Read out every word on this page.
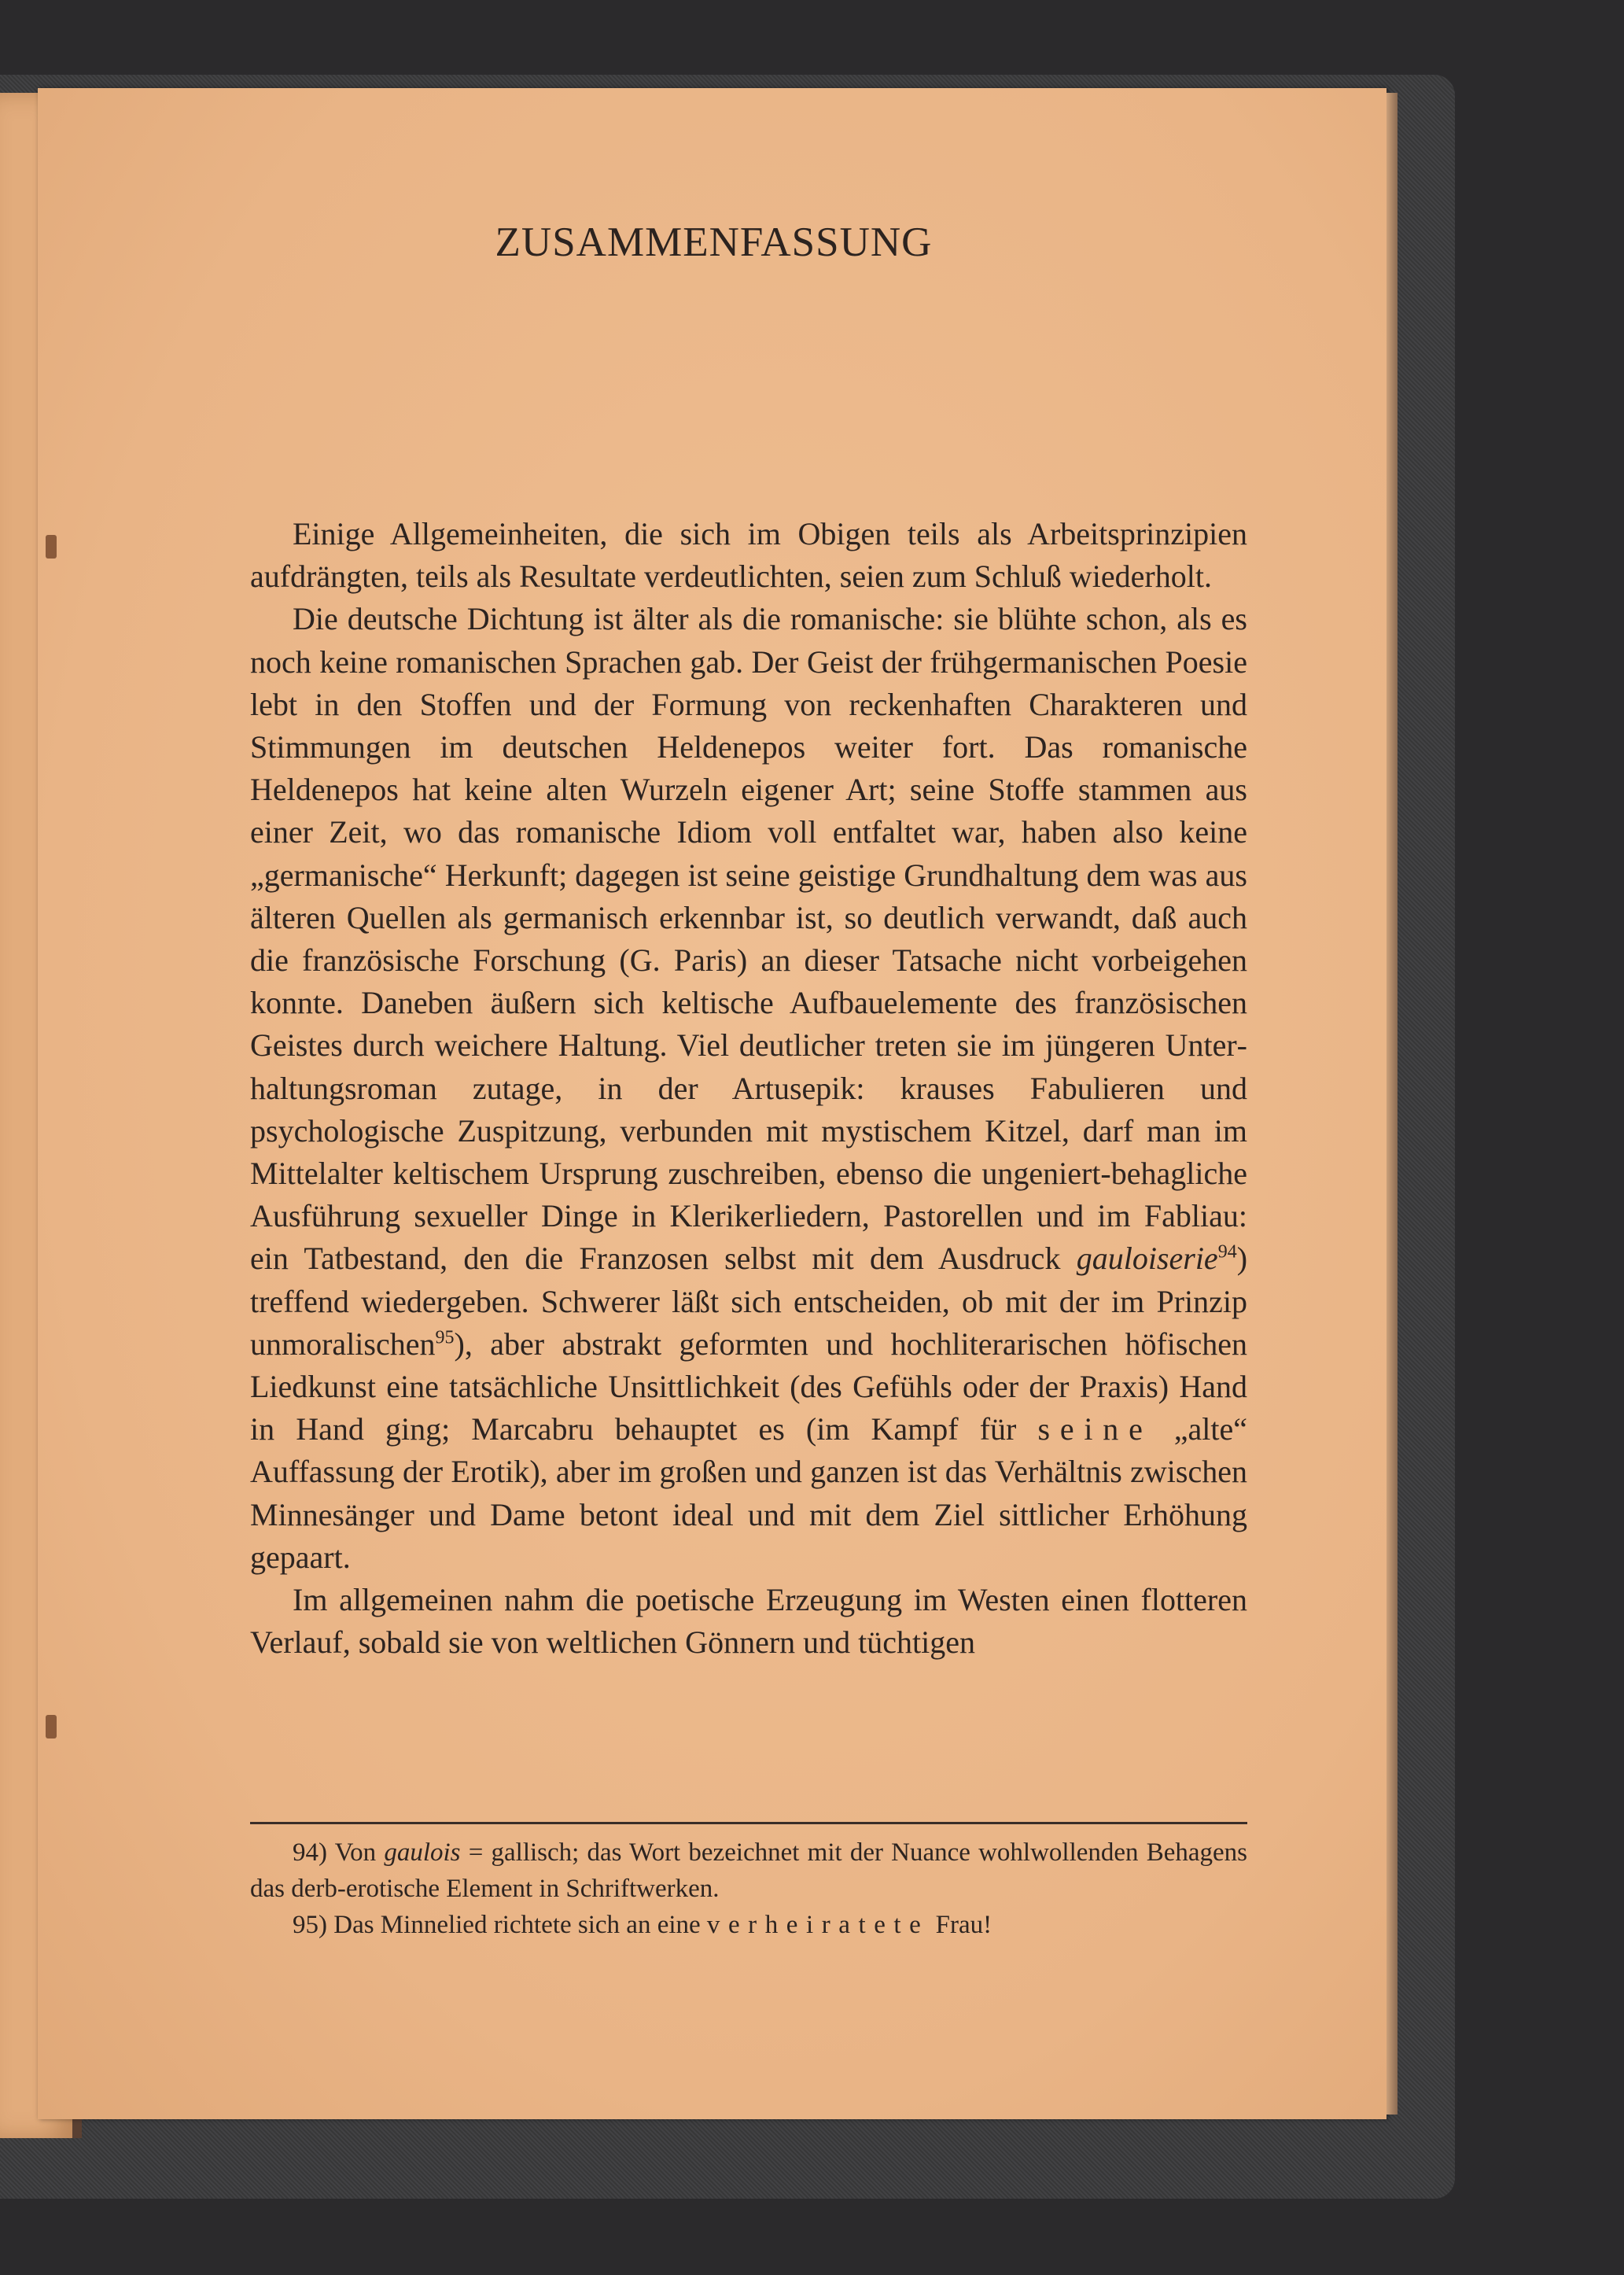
ZUSAMMENFASSUNG

Einige Allgemeinheiten, die sich im Obigen teils als Arbeitsprinzipien aufdrängten, teils als Resultate verdeutlichten, seien zum Schluß wiederholt.

Die deutsche Dichtung ist älter als die romanische: sie blühte schon, als es noch keine romanischen Sprachen gab. Der Geist der frühgermanischen Poesie lebt in den Stoffen und der Formung von reckenhaften Charakteren und Stimmungen im deutschen Heldenepos weiter fort. Das romanische Heldenepos hat keine alten Wurzeln eigener Art; seine Stoffe stammen aus einer Zeit, wo das romanische Idiom voll entfaltet war, haben also keine „germanische“ Herkunft; dagegen ist seine geistige Grundhaltung dem was aus älteren Quellen als germanisch erkennbar ist, so deutlich verwandt, daß auch die französische Forschung (G. Paris) an dieser Tatsache nicht vorbeigehen konnte. Daneben äußern sich keltische Aufbauelemente des französischen Geistes durch weichere Haltung. Viel deutlicher treten sie im jüngeren Unterhaltungsroman zutage, in der Artusepik: krauses Fabulieren und psychologische Zuspitzung, verbunden mit mystischem Kitzel, darf man im Mittelalter keltischem Ursprung zuschreiben, ebenso die ungeniert-behagliche Ausführung sexueller Dinge in Klerikerliedern, Pastorellen und im Fabliau: ein Tatbestand, den die Franzosen selbst mit dem Ausdruck gauloiserie$^{94}$) treffend wiedergeben. Schwerer läßt sich entscheiden, ob mit der im Prinzip unmoralischen$^{95}$), aber abstrakt geformten und hochliterarischen höfischen Liedkunst eine tatsächliche Unsittlichkeit (des Gefühls oder der Praxis) Hand in Hand ging; Marcabru behauptet es (im Kampf für seine „alte“ Auffassung der Erotik), aber im großen und ganzen ist das Verhältnis zwischen Minnesänger und Dame betont ideal und mit dem Ziel sittlicher Erhöhung gepaart.

Im allgemeinen nahm die poetische Erzeugung im Westen einen flotteren Verlauf, sobald sie von weltlichen Gönnern und tüchtigen

94) Von gaulois = gallisch; das Wort bezeichnet mit der Nuance wohlwollenden Behagens das derb-erotische Element in Schriftwerken.

95) Das Minnelied richtete sich an eine verheiratete Frau!
